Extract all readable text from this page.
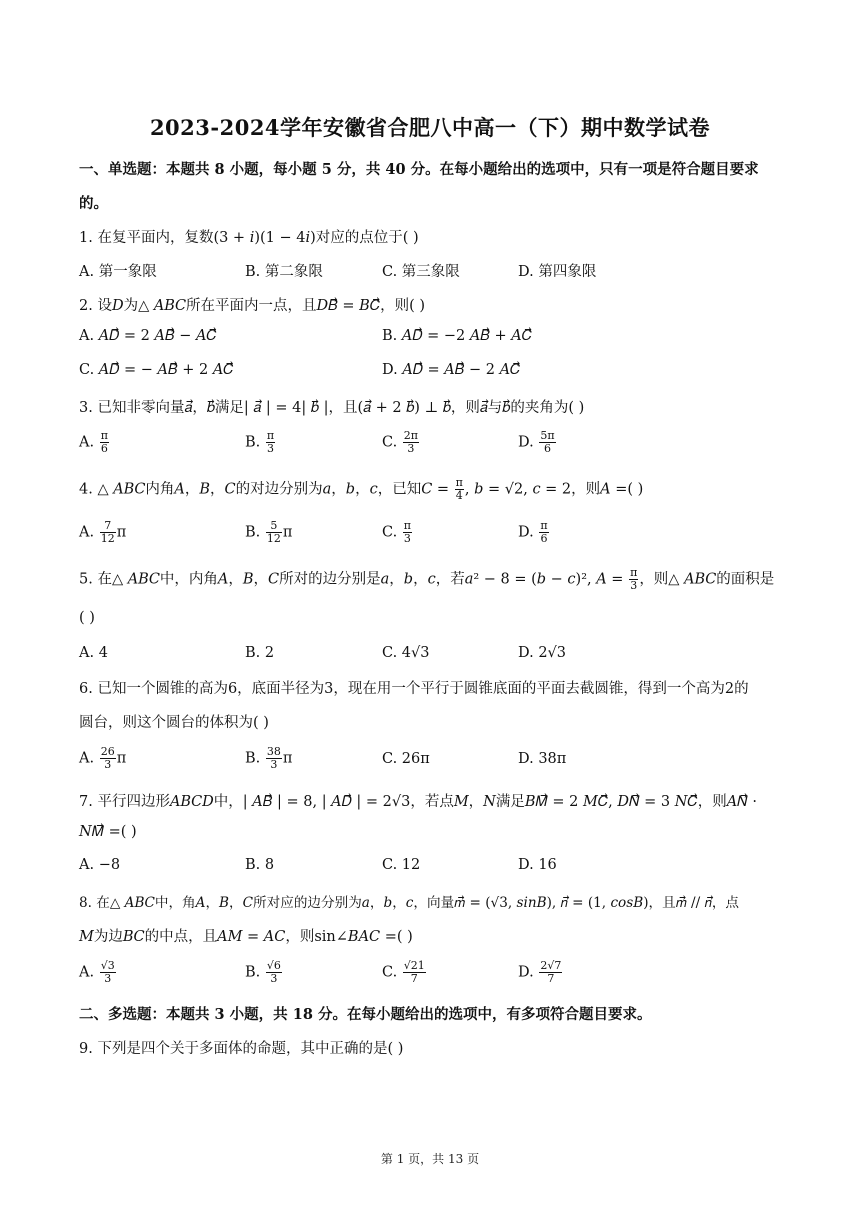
2023-2024学年安徽省合肥八中高一（下）期中数学试卷
一、单选题：本题共 8 小题，每小题 5 分，共 40 分。在每小题给出的选项中，只有一项是符合题目要求
的。
1. 在复平面内，复数(3 + 𝑖)(1 − 4𝑖)对应的点位于( )
A. 第一象限	B. 第二象限	C. 第三象限	D. 第四象限
2. 设𝐷为△ 𝐴𝐵𝐶所在平面内一点，且𝐷𝐵⃗ = 𝐵𝐶⃗，则( )
A. 𝐴𝐷⃗ = 2 𝐴𝐵⃗ − 𝐴𝐶⃗	B. 𝐴𝐷⃗ = −2 𝐴𝐵⃗ + 𝐴𝐶⃗
C. 𝐴𝐷⃗ = − 𝐴𝐵⃗ + 2 𝐴𝐶⃗	D. 𝐴𝐷⃗ = 𝐴𝐵⃗ − 2 𝐴𝐶⃗
3. 已知非零向量𝑎⃗，𝑏⃗满足| 𝑎⃗ | = 4| 𝑏⃗ |，且(𝑎⃗ + 2 𝑏⃗) ⊥ 𝑏⃗，则𝑎⃗与𝑏⃗的夹角为( )
A. $\frac{\pi}{6}$	B. $\frac{\pi}{3}$	C. $\frac{2\pi}{3}$	D. $\frac{5\pi}{6}$
4. △ 𝐴𝐵𝐶内角𝐴，𝐵，𝐶的对边分别为𝑎，𝑏，𝑐，已知𝐶 = $\frac{\pi}{4}$ , 𝑏 = √2, 𝑐 = 2，则𝐴 =( )
A. $\frac{7}{12}$ π	B. $\frac{5}{12}$ π	C. $\frac{\pi}{3}$	D. $\frac{\pi}{6}$
5. 在△ 𝐴𝐵𝐶中，内角𝐴，𝐵，𝐶所对的边分别是𝑎，𝑏，𝑐，若𝑎² − 8 = (𝑏 − 𝑐)², 𝐴 = $\frac{\pi}{3}$ ，则△ 𝐴𝐵𝐶的面积是
( )
A. 4	B. 2	C. 4√3	D. 2√3
6. 已知一个圆锥的高为6，底面半径为3，现在用一个平行于圆锥底面的平面去截圆锥，得到一个高为2的
圆台，则这个圆台的体积为( )
A. $\frac{26}{3}$ π	B. $\frac{38}{3}$ π	C. 26π	D. 38π
7. 平行四边形𝐴𝐵𝐶𝐷中，| 𝐴𝐵⃗ | = 8, | 𝐴𝐷⃗ | = 2√3，若点𝑀，𝑁满足𝐵𝑀⃗ = 2 𝑀𝐶⃗, 𝐷𝑁⃗ = 3 𝑁𝐶⃗，则𝐴𝑁⃗ ·
𝑁𝑀⃗ =( )
A. −8	B. 8	C. 12	D. 16
8. 在△ 𝐴𝐵𝐶中，角𝐴，𝐵，𝐶所对应的边分别为𝑎，𝑏，𝑐，向量𝑚⃗ = (√3, 𝑠𝑖𝑛𝐵), 𝑛⃗ = (1, 𝑐𝑜𝑠𝐵)，且𝑚⃗ // 𝑛⃗，点
𝑀为边𝐵𝐶的中点，且𝐴𝑀 = 𝐴𝐶，则sin∠𝐵𝐴𝐶 =( )
A. $\frac{√3}{3}$	B. $\frac{√6}{3}$	C. $\frac{√21}{7}$	D. $\frac{2√7}{7}$
二、多选题：本题共 3 小题，共 18 分。在每小题给出的选项中，有多项符合题目要求。
9. 下列是四个关于多面体的命题，其中正确的是( )
第 1 页，共 13 页
